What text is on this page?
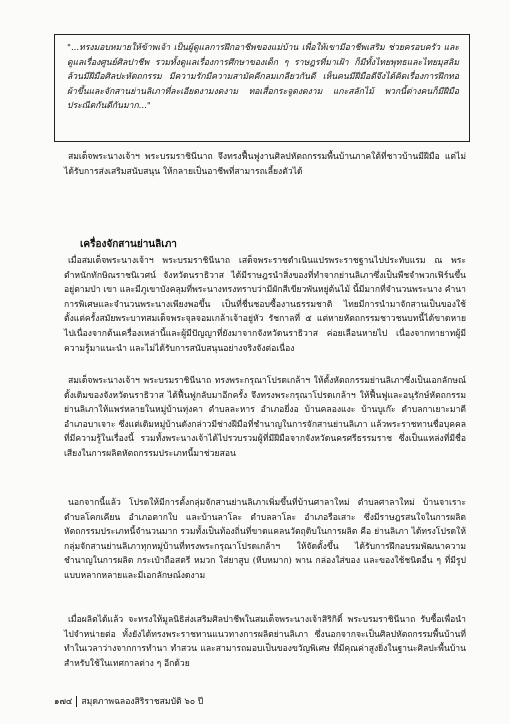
"...ทรงมอบหมายให้ข้าพเจ้า เป็นผู้ดูแลการฝึกอาชีพของแม่บ้าน เพื่อให้เขามีอาชีพเสริม ช่วยครอบครัว และดูแลเรื่องศูนย์ศิลปาชีพ รวมทั้งดูแลเรื่องการศึกษาของเด็ก ๆ ราษฎรที่มาเฝ้า ก็มีทั้งไทยพุทธและไทยมุสลิม ล้วนมีฝีมือศิลปะหัตถกรรม มีความรักมีความสามัคคีกลมเกลียวกันดี เห็นคนมีฝีมือดีจึงได้คิดเรื่องการฝึกทอผ้าขึ้นและจักสานย่านลิเภาที่ละเอียดงามงดงาม ทอเสื่อกระจูดงดงาม แกะสลักไม้ พวกนี้ต่างคนก็มีฝีมือประณีตกันดีกันมาก..."

สมเด็จพระนางเจ้าฯ พระบรมราชินีนาถ จึงทรงฟื้นฟูงานศิลปหัตถกรรมพื้นบ้านภาคใต้ที่ชาวบ้านมีฝีมือ แต่ไม่ได้รับการส่งเสริมสนับสนุน ให้กลายเป็นอาชีพที่สามารถเลี้ยงตัวได้

เครื่องจักสานย่านลิเภา

เมื่อสมเด็จพระนางเจ้าฯ พระบรมราชินีนาถ เสด็จพระราชดำเนินแปรพระราชฐานไปประทับแรม ณ พระตำหนักทักษิณราชนิเวศน์ จังหวัดนราธิวาส ได้มีราษฎรนำสิ่งของที่ทำจากย่านลิเภาซึ่งเป็นพืชจำพวกเฟิร์นขึ้นอยู่ตามป่า เขา และมีภูเขาบังคลุมที่พระนางทรงทราบว่ามีผักสีเขียวพันหยู่ต้นไม้ นี้มีมากที่จำนวนพระนาง คำนาการพิเศษและจำนวนพระนางเพียงพอขึ้น เป็นที่ชื่นชอบซื้องานธรรมชาติ ไทยมีการนำมาจักสานเป็นของใช้ตั้งแต่ครั้งสมัยพระบาทสมเด็จพระจุลจอมเกล้าเจ้าอยู่หัว รัชกาลที่ ๕ แต่หายหัตถกรรมชาวชนบทนี้ได้ขาดหายไปเนื่องจากต้นเครื่องเหล่านี้และผู้มีปัญญาที่ยังมาจากจังหวัดนราธิวาส ค่อยเลือนหายไป เนื่องจากทายาทผู้มีความรู้มาแนะนำ และไม่ได้รับการสนับสนุนอย่างจริงจังต่อเนื่อง

สมเด็จพระนางเจ้าฯ พระบรมราชินีนาถ ทรงพระกรุณาโปรดเกล้าฯ ให้ตั้งหัตถกรรมย่านลิเภาซึ่งเป็นเอกลักษณ์ดั้งเดิมของจังหวัดนราธิวาส ได้ฟื้นฟูกลับมาอีกครั้ง จึงทรงพระกรุณาโปรดเกล้าฯ ให้ฟื้นฟูและอนุรักษ์หัตถกรรมย่านลิเภาให้แพร่หลายในหมู่บ้านทุ่งคา ตำบลละหาร อำเภอยี่งอ บ้านคลองแงะ บ้านบูเก๊ะ ตำบลกาเยาะมาตี อำเภอบาเจาะ ซึ่งแต่เดิมหมู่บ้านดังกล่าวมีช่างฝีมือที่ชำนาญในการจักสานย่านลิเภา แล้วพระราชทานชื่อบุคคลที่มีความรู้ในเรื่องนี้ รวมทั้งพระนางเจ้าได้ไปรวบรวมผู้ที่มีฝีมือจากจังหวัดนครศรีธรรมราช ซึ่งเป็นแหล่งที่มีชื่อเสียงในการผลิตหัตถกรรมประเภทนี้มาช่วยสอน

นอกจากนี้แล้ว โปรดให้มีการตั้งกลุ่มจักสานย่านลิเภาเพิ่มขึ้นที่บ้านศาลาใหม่ ตำบลศาลาใหม่ บ้านจาเราะ ตำบลโคกเคียน อำเภอตากใบ และบ้านลาโละ ตำบลลาโละ อำเภอรือเสาะ ซึ่งมีราษฎรสนใจในการผลิตหัตถกรรมประเภทนี้จำนวนมาก รวมทั้งเป็นท้องถิ่นที่ขาดแคลนวัตถุดิบในการผลิต คือ ย่านลิเภา ได้ทรงโปรดให้กลุ่มจักสานย่านลิเภาทุกหมู่บ้านที่ทรงพระกรุณาโปรดเกล้าฯ ให้จัดตั้งขึ้น ได้รับการฝึกอบรมพัฒนาความชำนาญในการผลิต กระเป๋าถือสตรี หมวก ใส่ยาสูบ (หีบหมาก) พาน กล่องใส่ของ และของใช้ชนิดอื่น ๆ ที่มีรูปแบบหลากหลายและมีเอกลักษณ์งดงาม

เมื่อผลิตได้แล้ว จะทรงให้มูลนิธิส่งเสริมศิลปาชีพในสมเด็จพระนางเจ้าสิริกิติ์ พระบรมราชินีนาถ รับซื้อเพื่อนำไปจำหน่ายต่อ ทั้งยังได้ทรงพระราชทานแนวทางการผลิตย่านลิเภา ซึ่งนอกจากจะเป็นศิลปหัตถกรรมพื้นบ้านที่ทำในเวลาว่างจากการทำนา ทำสวน และสามารถมอบเป็นของขวัญพิเศษ ที่มีคุณค่าสูงยิ่งในฐานะศิลปะพื้นบ้าน สำหรับใช้ในเทศกาลต่าง ๆ อีกด้วย

๑๗๔ สมุดภาพฉลองสิริราชสมบัติ ๖๐ ปี
